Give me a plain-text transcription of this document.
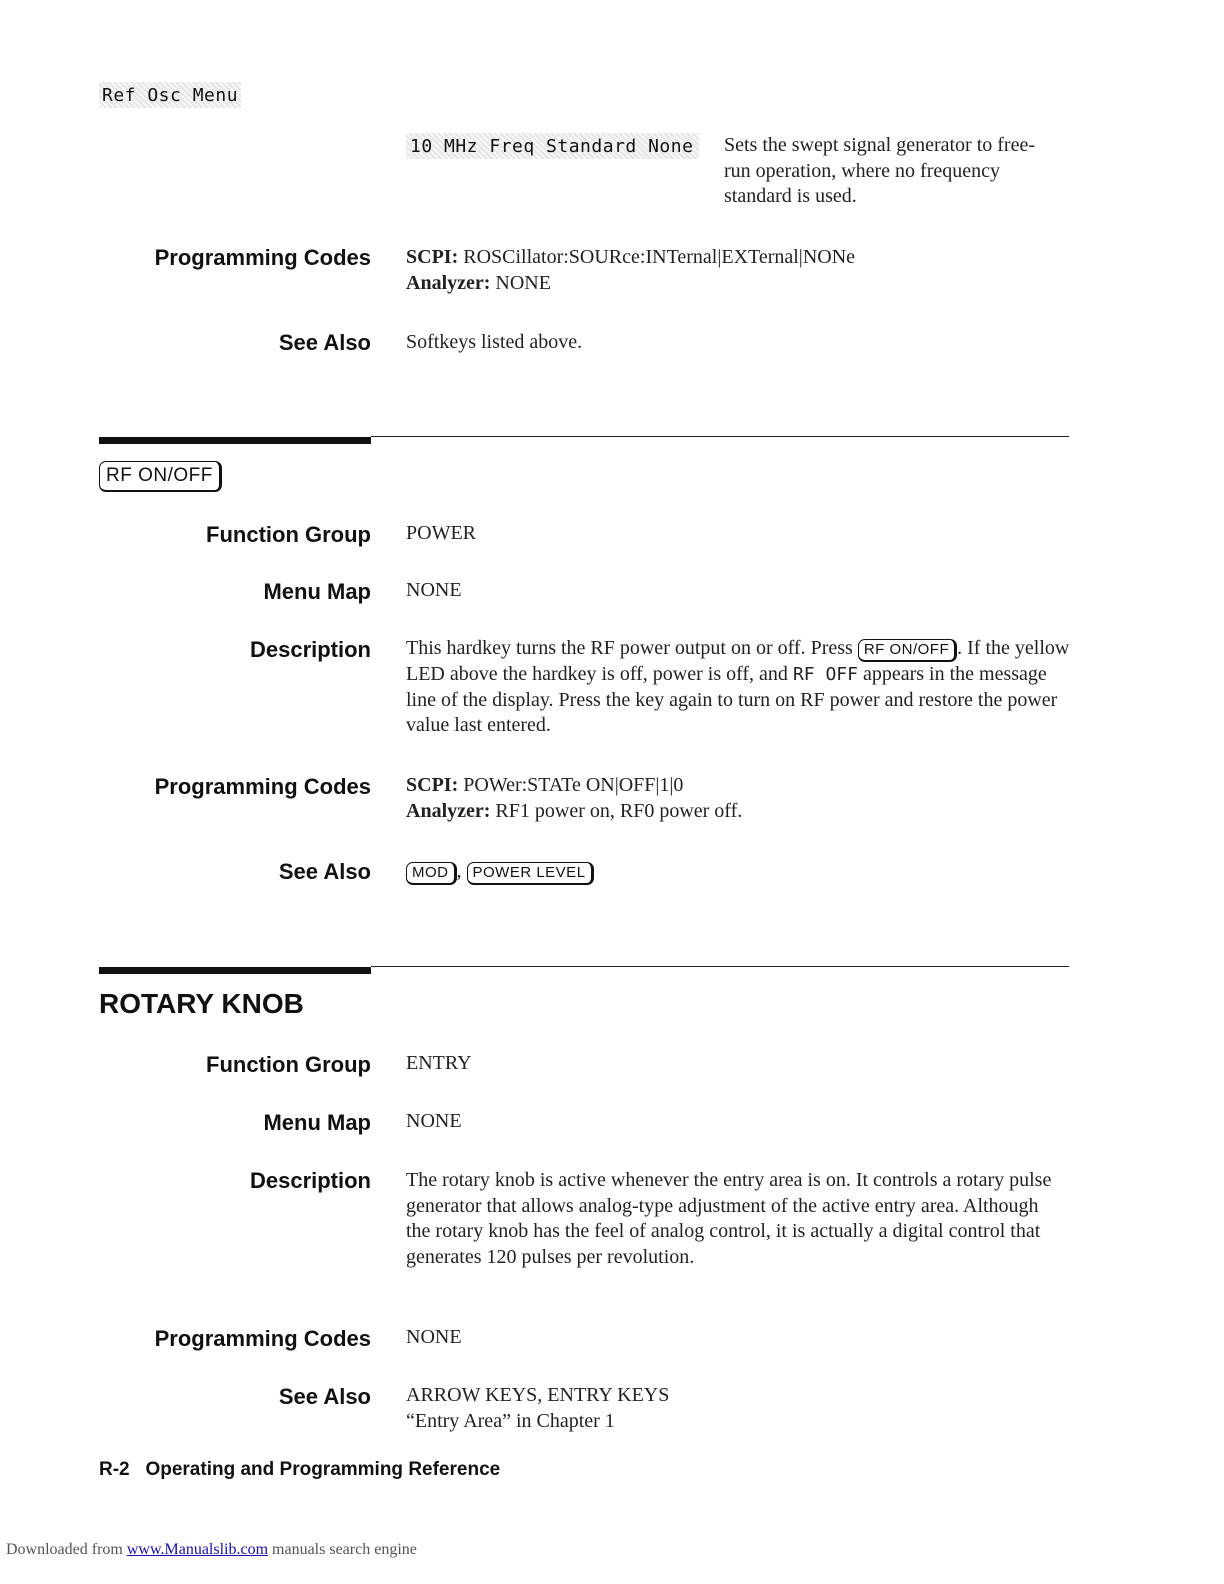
Ref Osc Menu
10 MHz Freq Standard None Sets the swept signal generator to free-run operation, where no frequency standard is used.
Programming Codes SCPI: ROSCillator:SOURce:INTernal|EXTernal|NONe
Analyzer: NONE
See Also Softkeys listed above.
RF ON/OFF
Function Group POWER
Menu Map NONE
Description This hardkey turns the RF power output on or off. Press RF ON/OFF . If the yellow LED above the hardkey is off, power is off, and RF OFF appears in the message line of the display. Press the key again to turn on RF power and restore the power value last entered.
Programming Codes SCPI: POWer:STATe ON|OFF|1|0
Analyzer: RF1 power on, RF0 power off.
See Also	MOD , POWER LEVEL
ROTARY KNOB
Function Group ENTRY
Menu Map NONE
Description The rotary knob is active whenever the entry area is on. It controls a rotary pulse generator that allows analog-type adjustment of the active entry area. Although the rotary knob has the feel of analog control, it is actually a digital control that generates 120 pulses per revolution.
Programming Codes NONE
See Also ARROW KEYS, ENTRY KEYS
“Entry Area” in Chapter 1
R-2   Operating and Programming Reference
Downloaded from www.Manualslib.com manuals search engine
